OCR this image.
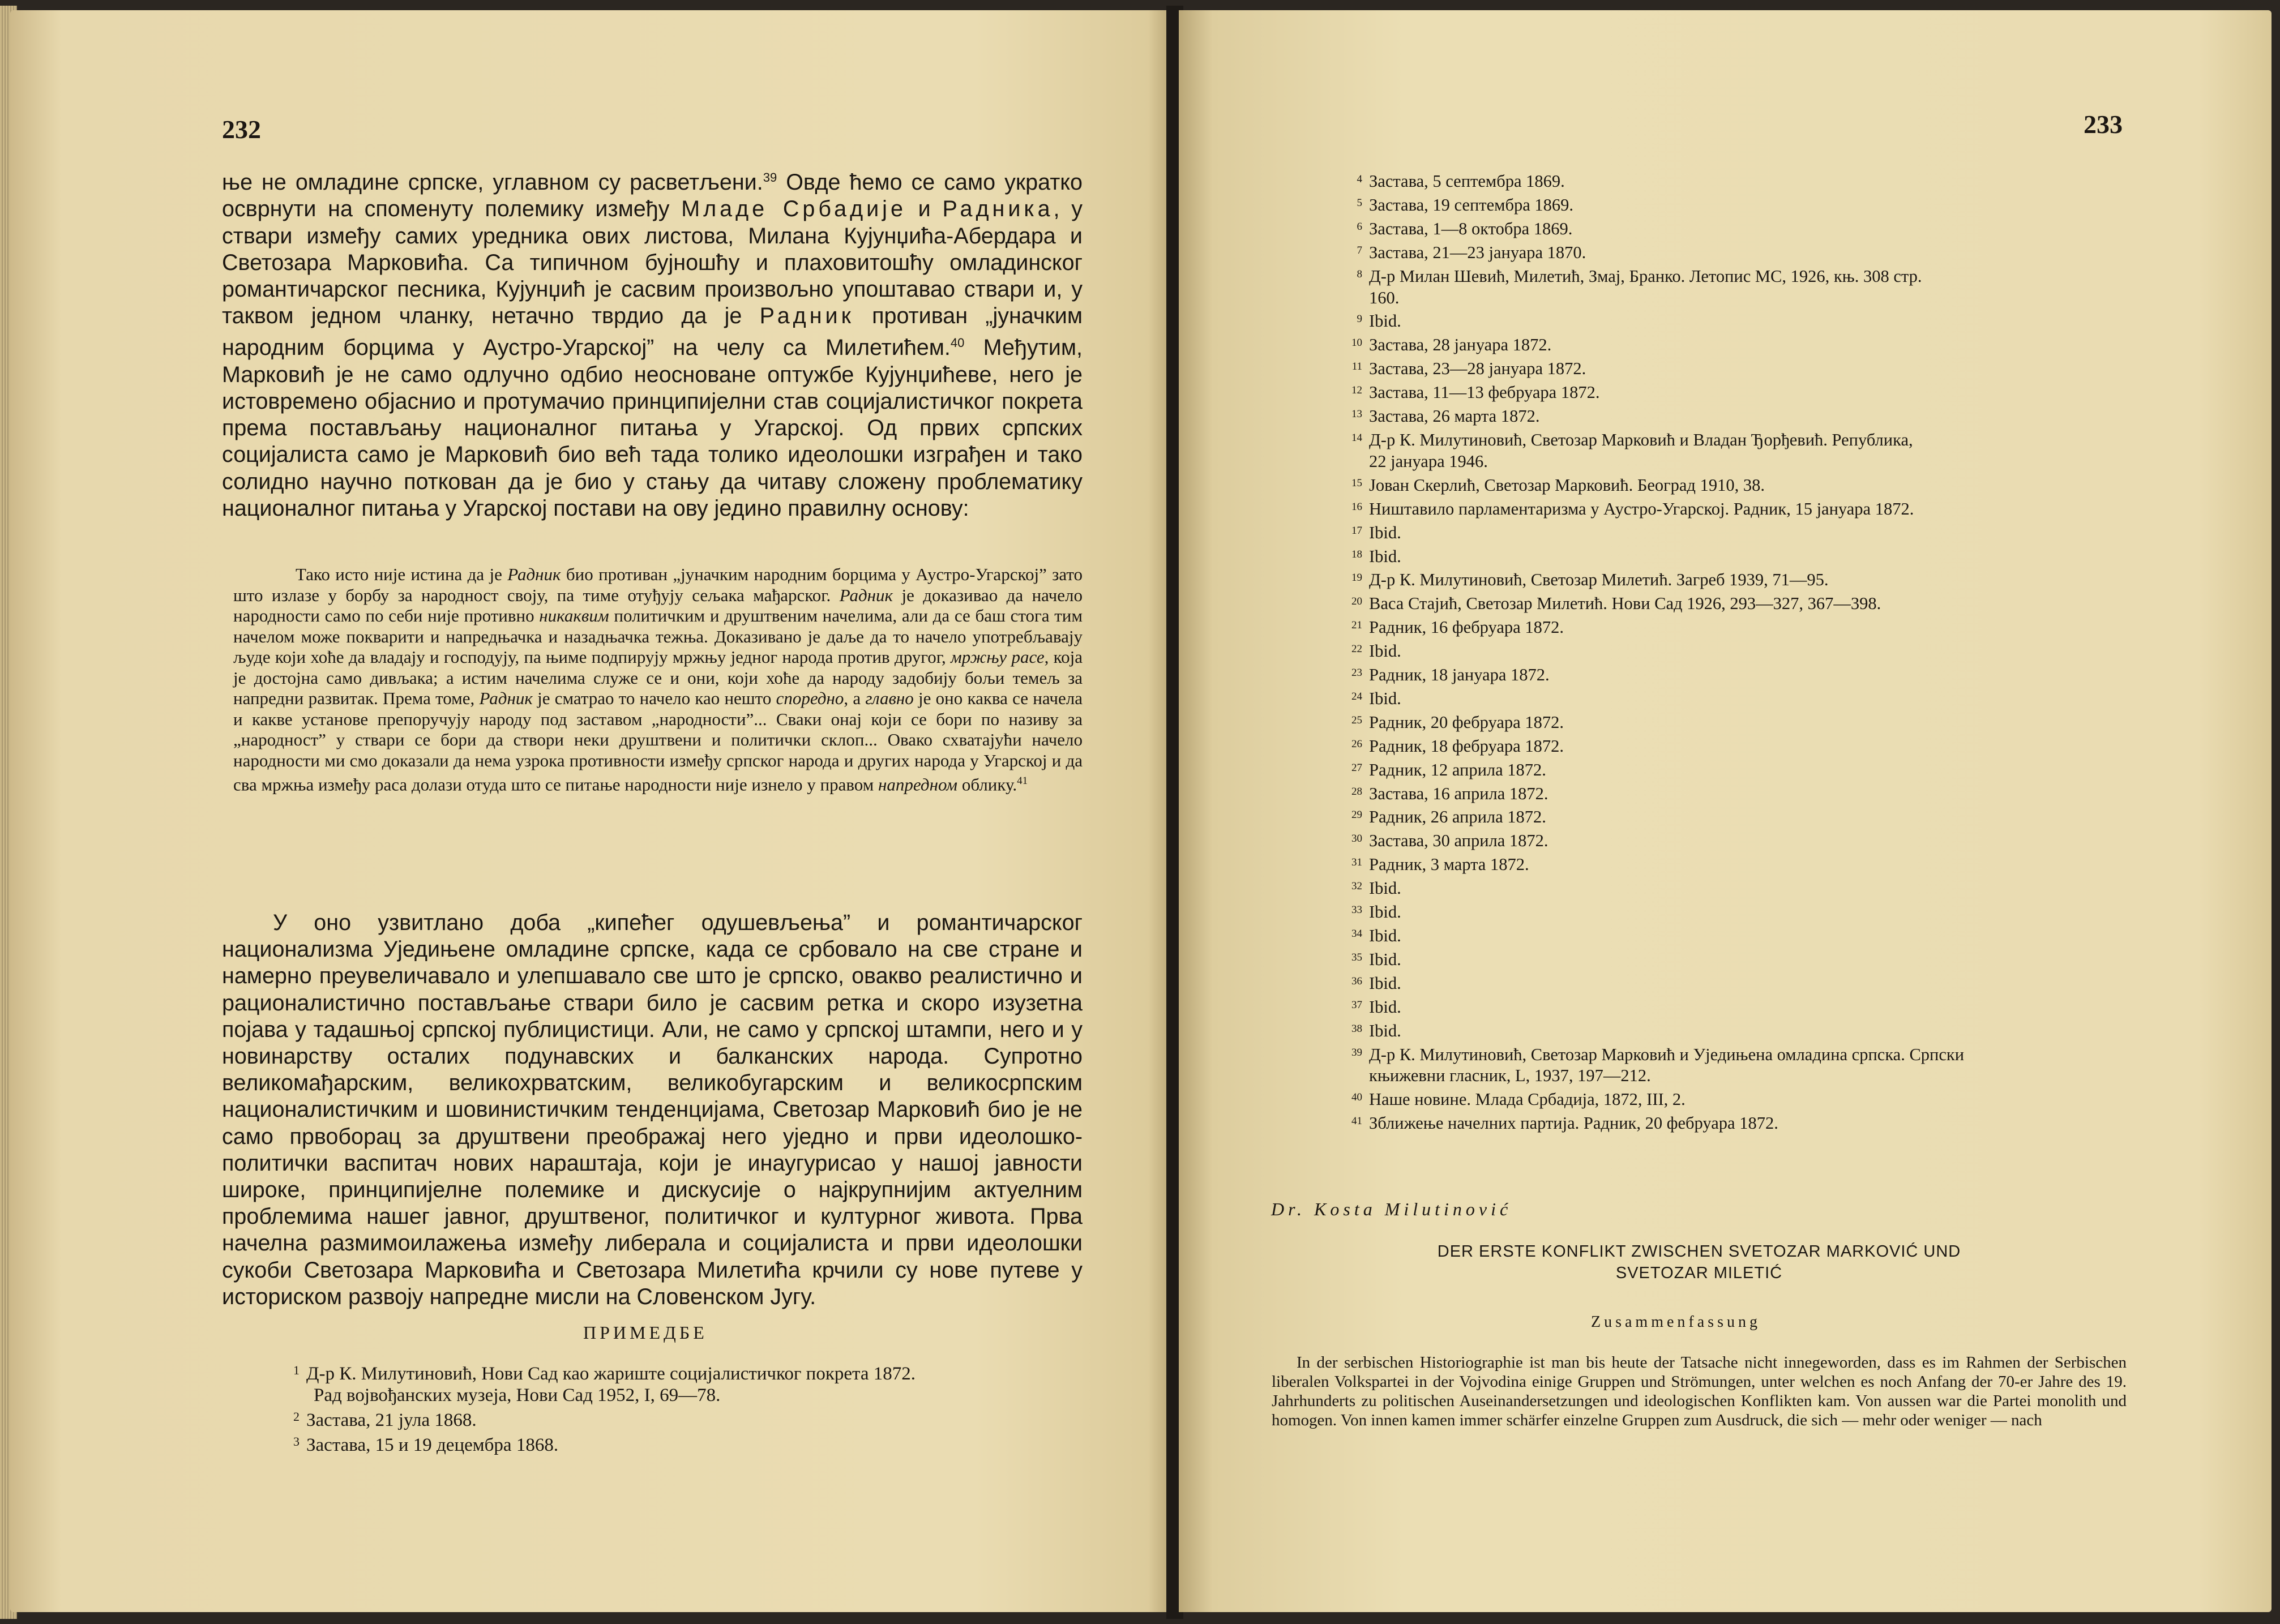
232

ње не омладине српске, углавном су расветљени.$^{39}$ Овде ћемо се само укратко осврнути на споменуту полемику између Младе Србадије и Радника, у ствари између самих уредника ових листова, Милана Кујунџића-Абердара и Светозара Марковића. Са типичном бујношћу и плаховитошћу омладинског романтичарског песника, Кујунџић је сасвим произвољно упоштавао ствари и, у таквом једном чланку, нетачно тврдио да је Радник противан „јуначким народним борцима у Аустро-Угарској” на челу са Милетићем.$^{40}$ Међутим, Марковић је не само одлучно одбио неосноване оптужбе Кујунџићеве, него је истовремено објаснио и протумачио принципијелни став социјалистичког покрета према постављању националног питања у Угарској. Од првих српских социјалиста само је Марковић био већ тада толико идеолошки изграђен и тако солидно научно поткован да је био у стању да читаву сложену проблематику националног питања у Угарској постави на ову једино правилну основу:

Тако исто није истина да је Радник био противан „јуначким народним борцима у Аустро-Угарској” зато што излазе у борбу за народност своју, па тиме отуђују сељака мађарског. Радник је доказивао да начело народности само по себи није противно никаквим политичким и друштвеним начелима, али да се баш стога тим начелом може покварити и напредњачка и назадњачка тежња. Доказивано је даље да то начело употребљавају људе који хоће да владају и господују, па њиме подпирују мржњу једног народа против другог, мржњу расе, која је достојна само дивљака; а истим начелима служе се и они, који хоће да народу задобију бољи темељ за напредни развитак. Према томе, Радник је сматрао то начело као нешто споредно, а главно је оно каква се начела и какве установе препоручују народу под заставом „народности”... Сваки онај који се бори по називу за „народност” у ствари се бори да створи неки друштвени и политички склоп... Овако схватајући начело народности ми смо доказали да нема узрока противности између српског народа и других народа у Угарској и да сва мржња између раса долази отуда што се питање народности није изнело у правом напредном облику.$^{41}$

У оно узвитлано доба „кипећег одушевљења” и романтичарског национализма Уједињене омладине српске, када се србовало на све стране и намерно преувеличавало и улепшавало све што је српско, овакво реалистично и рационалистично постављање ствари било је сасвим ретка и скоро изузетна појава у тадашњој српској публицистици. Али, не само у српској штампи, него и у новинарству осталих подунавских и балканских народа. Супротно великомађарским, великохрватским, великобугарским и великосрпским националистичким и шовинистичким тенденцијама, Светозар Марковић био је не само првоборац за друштвени преображај него уједно и први идеолошко-политички васпитач нових нараштаја, који је инаугурисао у нашој јавности широке, принципијелне полемике и дискусије о најкрупнијим актуелним проблемима нашег јавног, друштвеног, политичког и културног живота. Прва начелна размимоилажења између либерала и социјалиста и први идеолошки сукоби Светозара Марковића и Светозара Милетића крчили су нове путеве у историском развоју напредне мисли на Словенском Југу.

ПРИМЕДБЕ
$^1$ Д-р К. Милутиновић, Нови Сад као жариште социјалистичког покрета 1872.
Рад војвођанских музеја, Нови Сад 1952, I, 69—78.
$^2$ Застава, 21 јула 1868.
$^3$ Застава, 15 и 19 децембра 1868.
233
4 Застава, 5 септембра 1869.
5 Застава, 19 септембра 1869.
6 Застава, 1—8 октобра 1869.
7 Застава, 21—23 јануара 1870.
8 Д-р Милан Шевић, Милетић, Змај, Бранко. Летопис МС, 1926, књ. 308 стр.
160.
9 Ibid.
10 Застава, 28 јануара 1872.
11 Застава, 23—28 јануара 1872.
12 Застава, 11—13 фебруара 1872.
13 Застава, 26 марта 1872.
14 Д-р К. Милутиновић, Светозар Марковић и Владан Ђорђевић. Република,
22 јануара 1946.
15 Јован Скерлић, Светозар Марковић. Београд 1910, 38.
16 Ништавило парламентаризма у Аустро-Угарској. Радник, 15 јануара 1872.
17 Ibid.
18 Ibid.
19 Д-р К. Милутиновић, Светозар Милетић. Загреб 1939, 71—95.
20 Васа Стајић, Светозар Милетић. Нови Сад 1926, 293—327, 367—398.
21 Радник, 16 фебруара 1872.
22 Ibid.
23 Радник, 18 јануара 1872.
24 Ibid.
25 Радник, 20 фебруара 1872.
26 Радник, 18 фебруара 1872.
27 Радник, 12 априла 1872.
28 Застава, 16 априла 1872.
29 Радник, 26 априла 1872.
30 Застава, 30 априла 1872.
31 Радник, 3 марта 1872.
32 Ibid.
33 Ibid.
34 Ibid.
35 Ibid.
36 Ibid.
37 Ibid.
38 Ibid.
39 Д-р К. Милутиновић, Светозар Марковић и Уједињена омладина српска. Српски
књижевни гласник, L, 1937, 197—212.
40 Наше новине. Млада Србадија, 1872, III, 2.
41 Зближење начелних партија. Радник, 20 фебруара 1872.
Dr. Kosta Milutinović
DER ERSTE KONFLIKT ZWISCHEN SVETOZAR MARKOVIĆ UND
SVETOZAR MILETIĆ
Zusammenfassung

In der serbischen Historiographie ist man bis heute der Tatsache nicht innegeworden, dass es im Rahmen der Serbischen liberalen Volkspartei in der Vojvodina einige Gruppen und Strömungen, unter welchen es noch Anfang der 70-er Jahre des 19. Jahrhunderts zu politischen Auseinandersetzungen und ideologischen Konflikten kam. Von aussen war die Partei monolith und homogen. Von innen kamen immer schärfer einzelne Gruppen zum Ausdruck, die sich — mehr oder weniger — nach
